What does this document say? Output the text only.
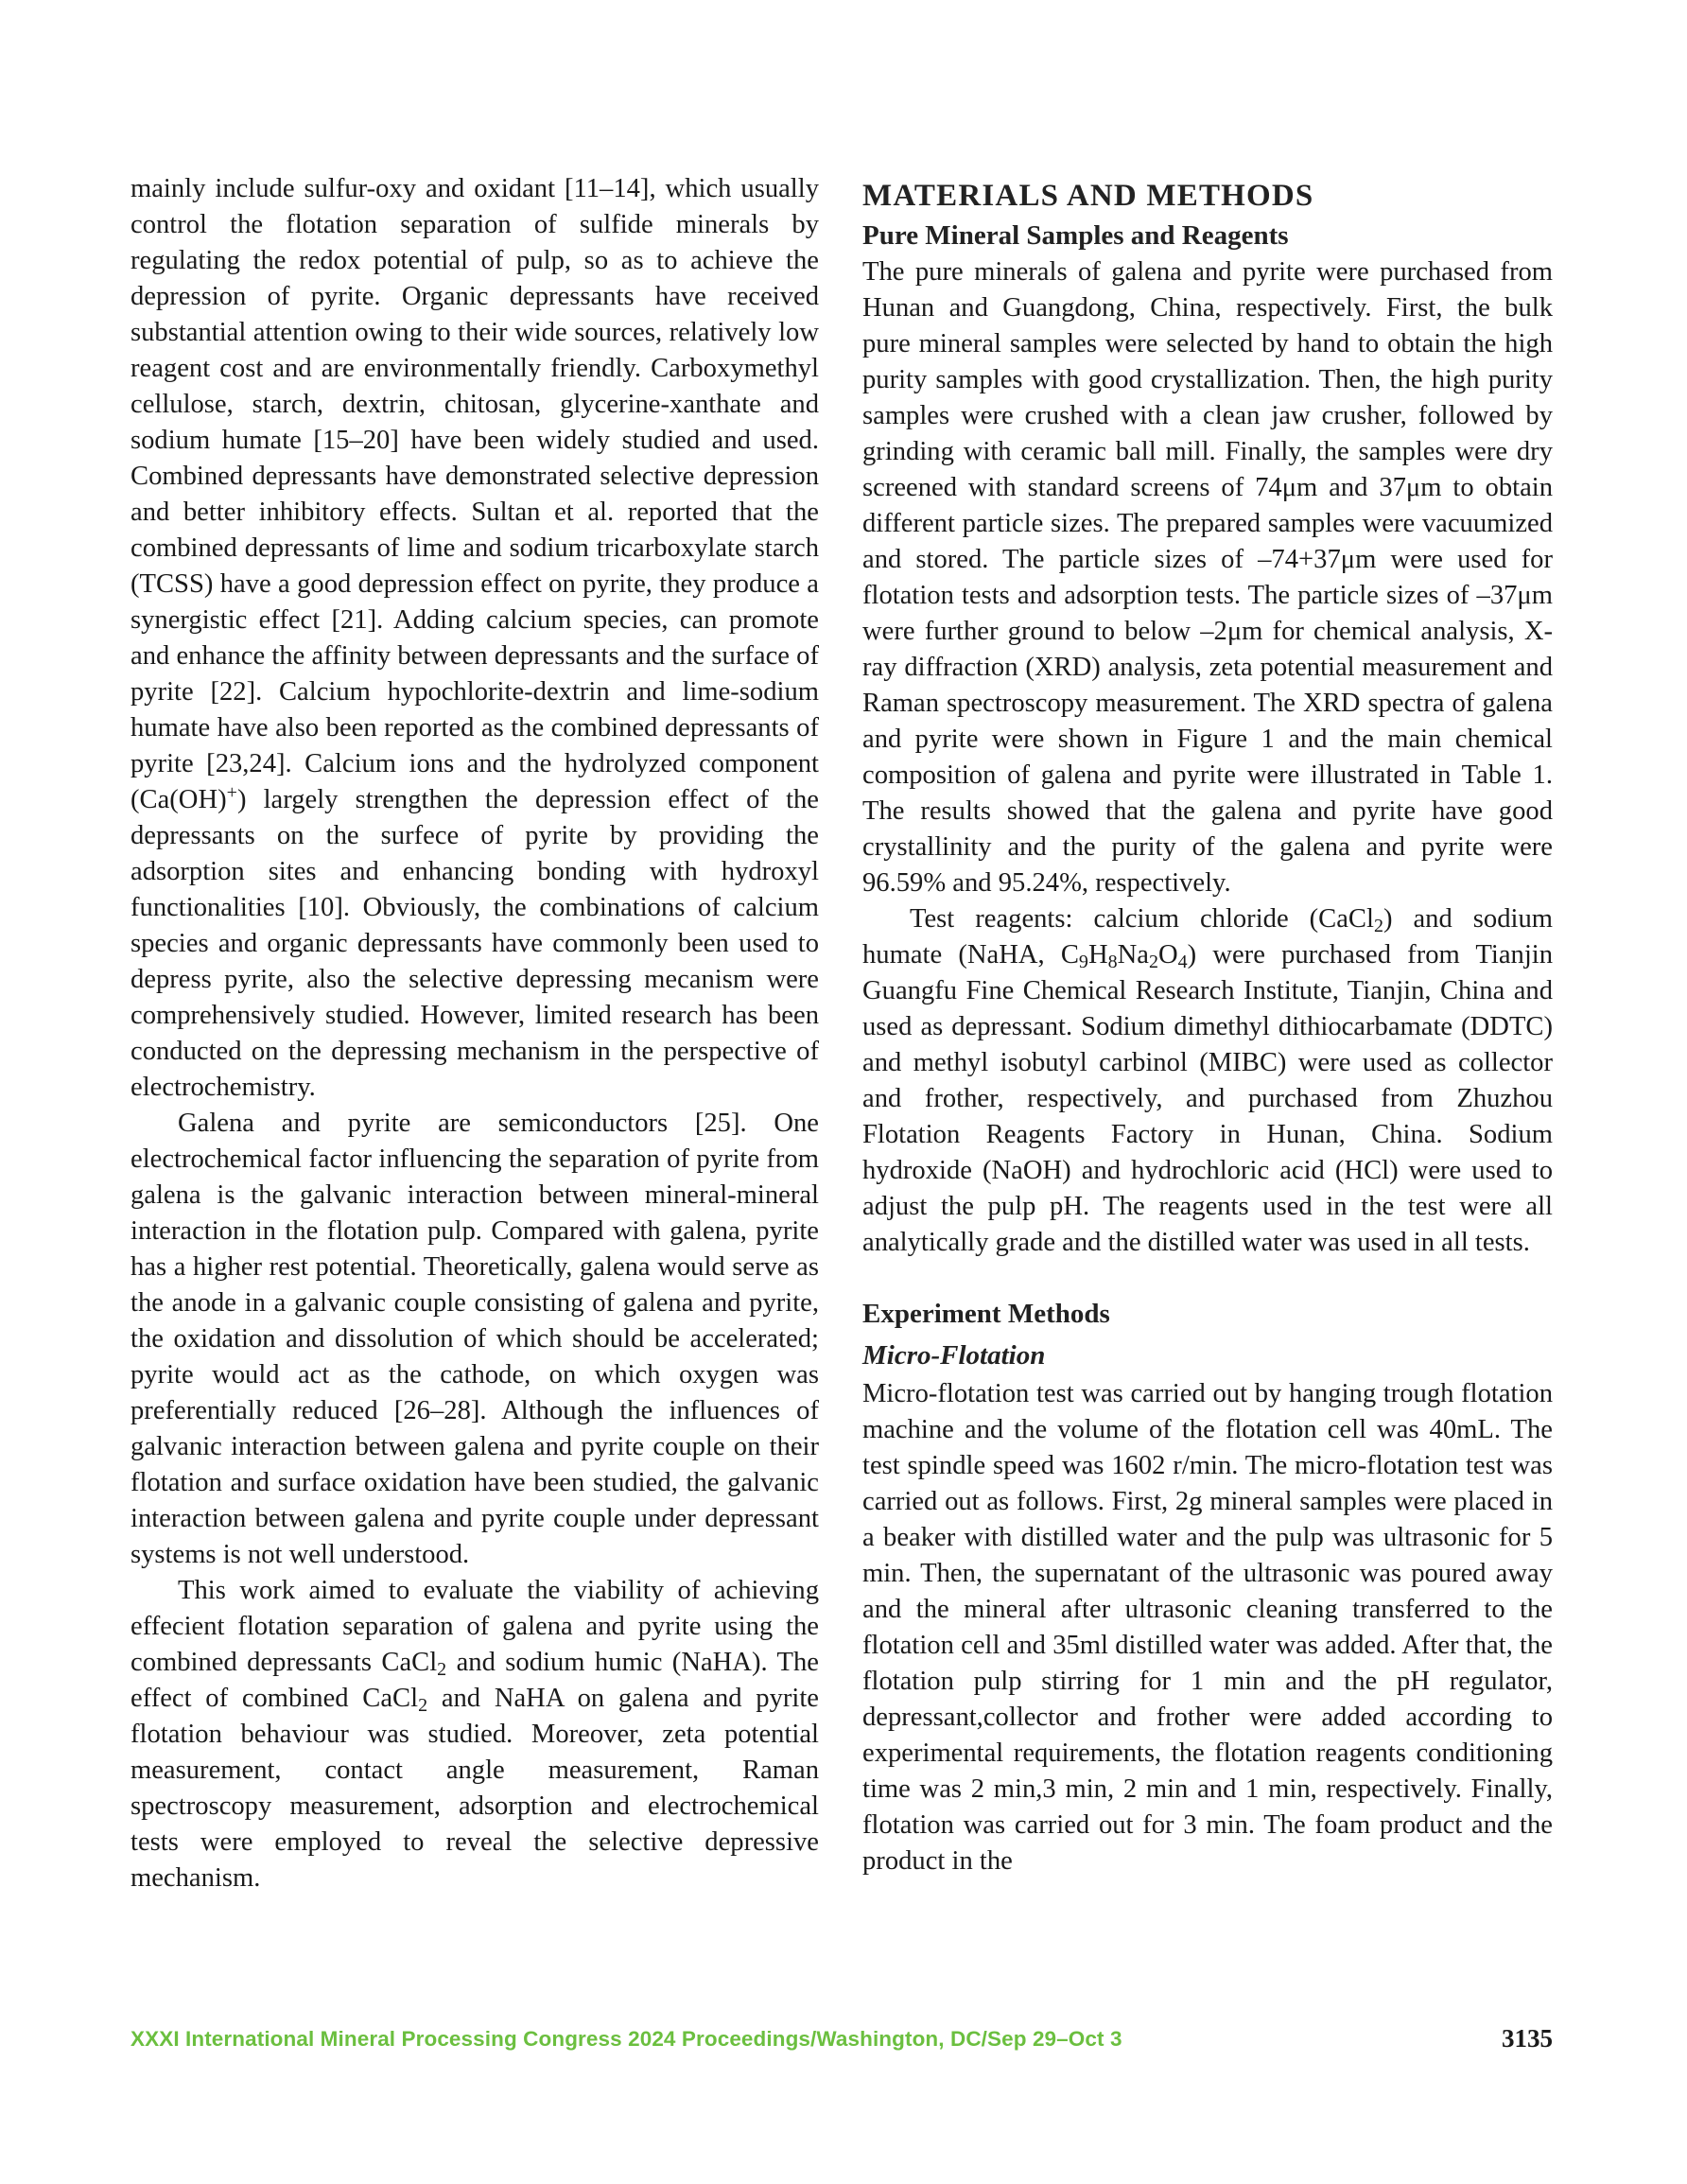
mainly include sulfur-oxy and oxidant [11–14], which usually control the flotation separation of sulfide minerals by regulating the redox potential of pulp, so as to achieve the depression of pyrite. Organic depressants have received substantial attention owing to their wide sources, relatively low reagent cost and are environmentally friendly. Carboxymethyl cellulose, starch, dextrin, chitosan, glycerine-xanthate and sodium humate [15–20] have been widely studied and used. Combined depressants have demonstrated selective depression and better inhibitory effects. Sultan et al. reported that the combined depressants of lime and sodium tricarboxylate starch (TCSS) have a good depression effect on pyrite, they produce a synergistic effect [21]. Adding calcium species, can promote and enhance the affinity between depressants and the surface of pyrite [22]. Calcium hypochlorite-dextrin and lime-sodium humate have also been reported as the combined depressants of pyrite [23,24]. Calcium ions and the hydrolyzed component (Ca(OH)+) largely strengthen the depression effect of the depressants on the surfece of pyrite by providing the adsorption sites and enhancing bonding with hydroxyl functionalities [10]. Obviously, the combinations of calcium species and organic depressants have commonly been used to depress pyrite, also the selective depressing mecanism were comprehensively studied. However, limited research has been conducted on the depressing mechanism in the perspective of electrochemistry.

Galena and pyrite are semiconductors [25]. One electrochemical factor influencing the separation of pyrite from galena is the galvanic interaction between mineral-mineral interaction in the flotation pulp. Compared with galena, pyrite has a higher rest potential. Theoretically, galena would serve as the anode in a galvanic couple consisting of galena and pyrite, the oxidation and dissolution of which should be accelerated; pyrite would act as the cathode, on which oxygen was preferentially reduced [26–28]. Although the influences of galvanic interaction between galena and pyrite couple on their flotation and surface oxidation have been studied, the galvanic interaction between galena and pyrite couple under depressant systems is not well understood.

This work aimed to evaluate the viability of achieving effecient flotation separation of galena and pyrite using the combined depressants CaCl$_2$ and sodium humic (NaHA). The effect of combined CaCl$_2$ and NaHA on galena and pyrite flotation behaviour was studied. Moreover, zeta potential measurement, contact angle measurement, Raman spectroscopy measurement, adsorption and electrochemical tests were employed to reveal the selective depressive mechanism.

MATERIALS AND METHODS
Pure Mineral Samples and Reagents

The pure minerals of galena and pyrite were purchased from Hunan and Guangdong, China, respectively. First, the bulk pure mineral samples were selected by hand to obtain the high purity samples with good crystallization. Then, the high purity samples were crushed with a clean jaw crusher, followed by grinding with ceramic ball mill. Finally, the samples were dry screened with standard screens of 74μm and 37μm to obtain different particle sizes. The prepared samples were vacuumized and stored. The particle sizes of –74+37μm were used for flotation tests and adsorption tests. The particle sizes of –37μm were further ground to below –2μm for chemical analysis, X-ray diffraction (XRD) analysis, zeta potential measurement and Raman spectroscopy measurement. The XRD spectra of galena and pyrite were shown in Figure 1 and the main chemical composition of galena and pyrite were illustrated in Table 1. The results showed that the galena and pyrite have good crystallinity and the purity of the galena and pyrite were 96.59% and 95.24%, respectively.

Test reagents: calcium chloride (CaCl$_2$) and sodium humate (NaHA, $C_9H_8Na_2O_4$) were purchased from Tianjin Guangfu Fine Chemical Research Institute, Tianjin, China and used as depressant. Sodium dimethyl dithiocarbamate (DDTC) and methyl isobutyl carbinol (MIBC) were used as collector and frother, respectively, and purchased from Zhuzhou Flotation Reagents Factory in Hunan, China. Sodium hydroxide (NaOH) and hydrochloric acid (HCl) were used to adjust the pulp pH. The reagents used in the test were all analytically grade and the distilled water was used in all tests.

Experiment Methods
Micro-Flotation

Micro-flotation test was carried out by hanging trough flotation machine and the volume of the flotation cell was 40mL. The test spindle speed was 1602 r/min. The micro-flotation test was carried out as follows. First, 2g mineral samples were placed in a beaker with distilled water and the pulp was ultrasonic for 5 min. Then, the supernatant of the ultrasonic was poured away and the mineral after ultrasonic cleaning transferred to the flotation cell and 35ml distilled water was added. After that, the flotation pulp stirring for 1 min and the pH regulator, depressant,collector and frother were added according to experimental requirements, the flotation reagents conditioning time was 2 min,3 min, 2 min and 1 min, respectively. Finally, flotation was carried out for 3 min. The foam product and the product in the

XXXI International Mineral Processing Congress 2024 Proceedings/Washington, DC/Sep 29–Oct 3	3135
